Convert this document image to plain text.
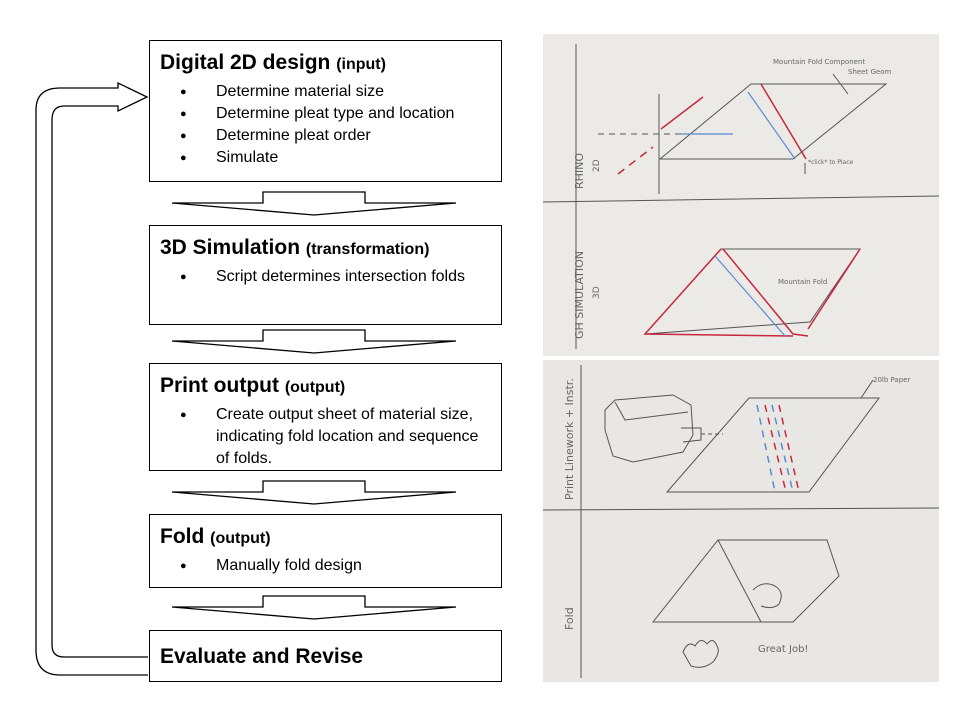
Digital 2D design (input)

● Determine material size
● Determine pleat type and location
● Determine pleat order
● Simulate

3D Simulation (transformation)

● Script determines intersection folds

Print output (output)

● Create output sheet of material size, indicating fold location and sequence of folds.

Fold (output)

● Manually fold design

Evaluate and Revise

RHINO 2D
GH SIMULATION 3D
Mountain Fold Component
Sheet Geom
*click* to Place
Mountain Fold
Print Linework + Instr.
Fold
20lb Paper
Great Job!
